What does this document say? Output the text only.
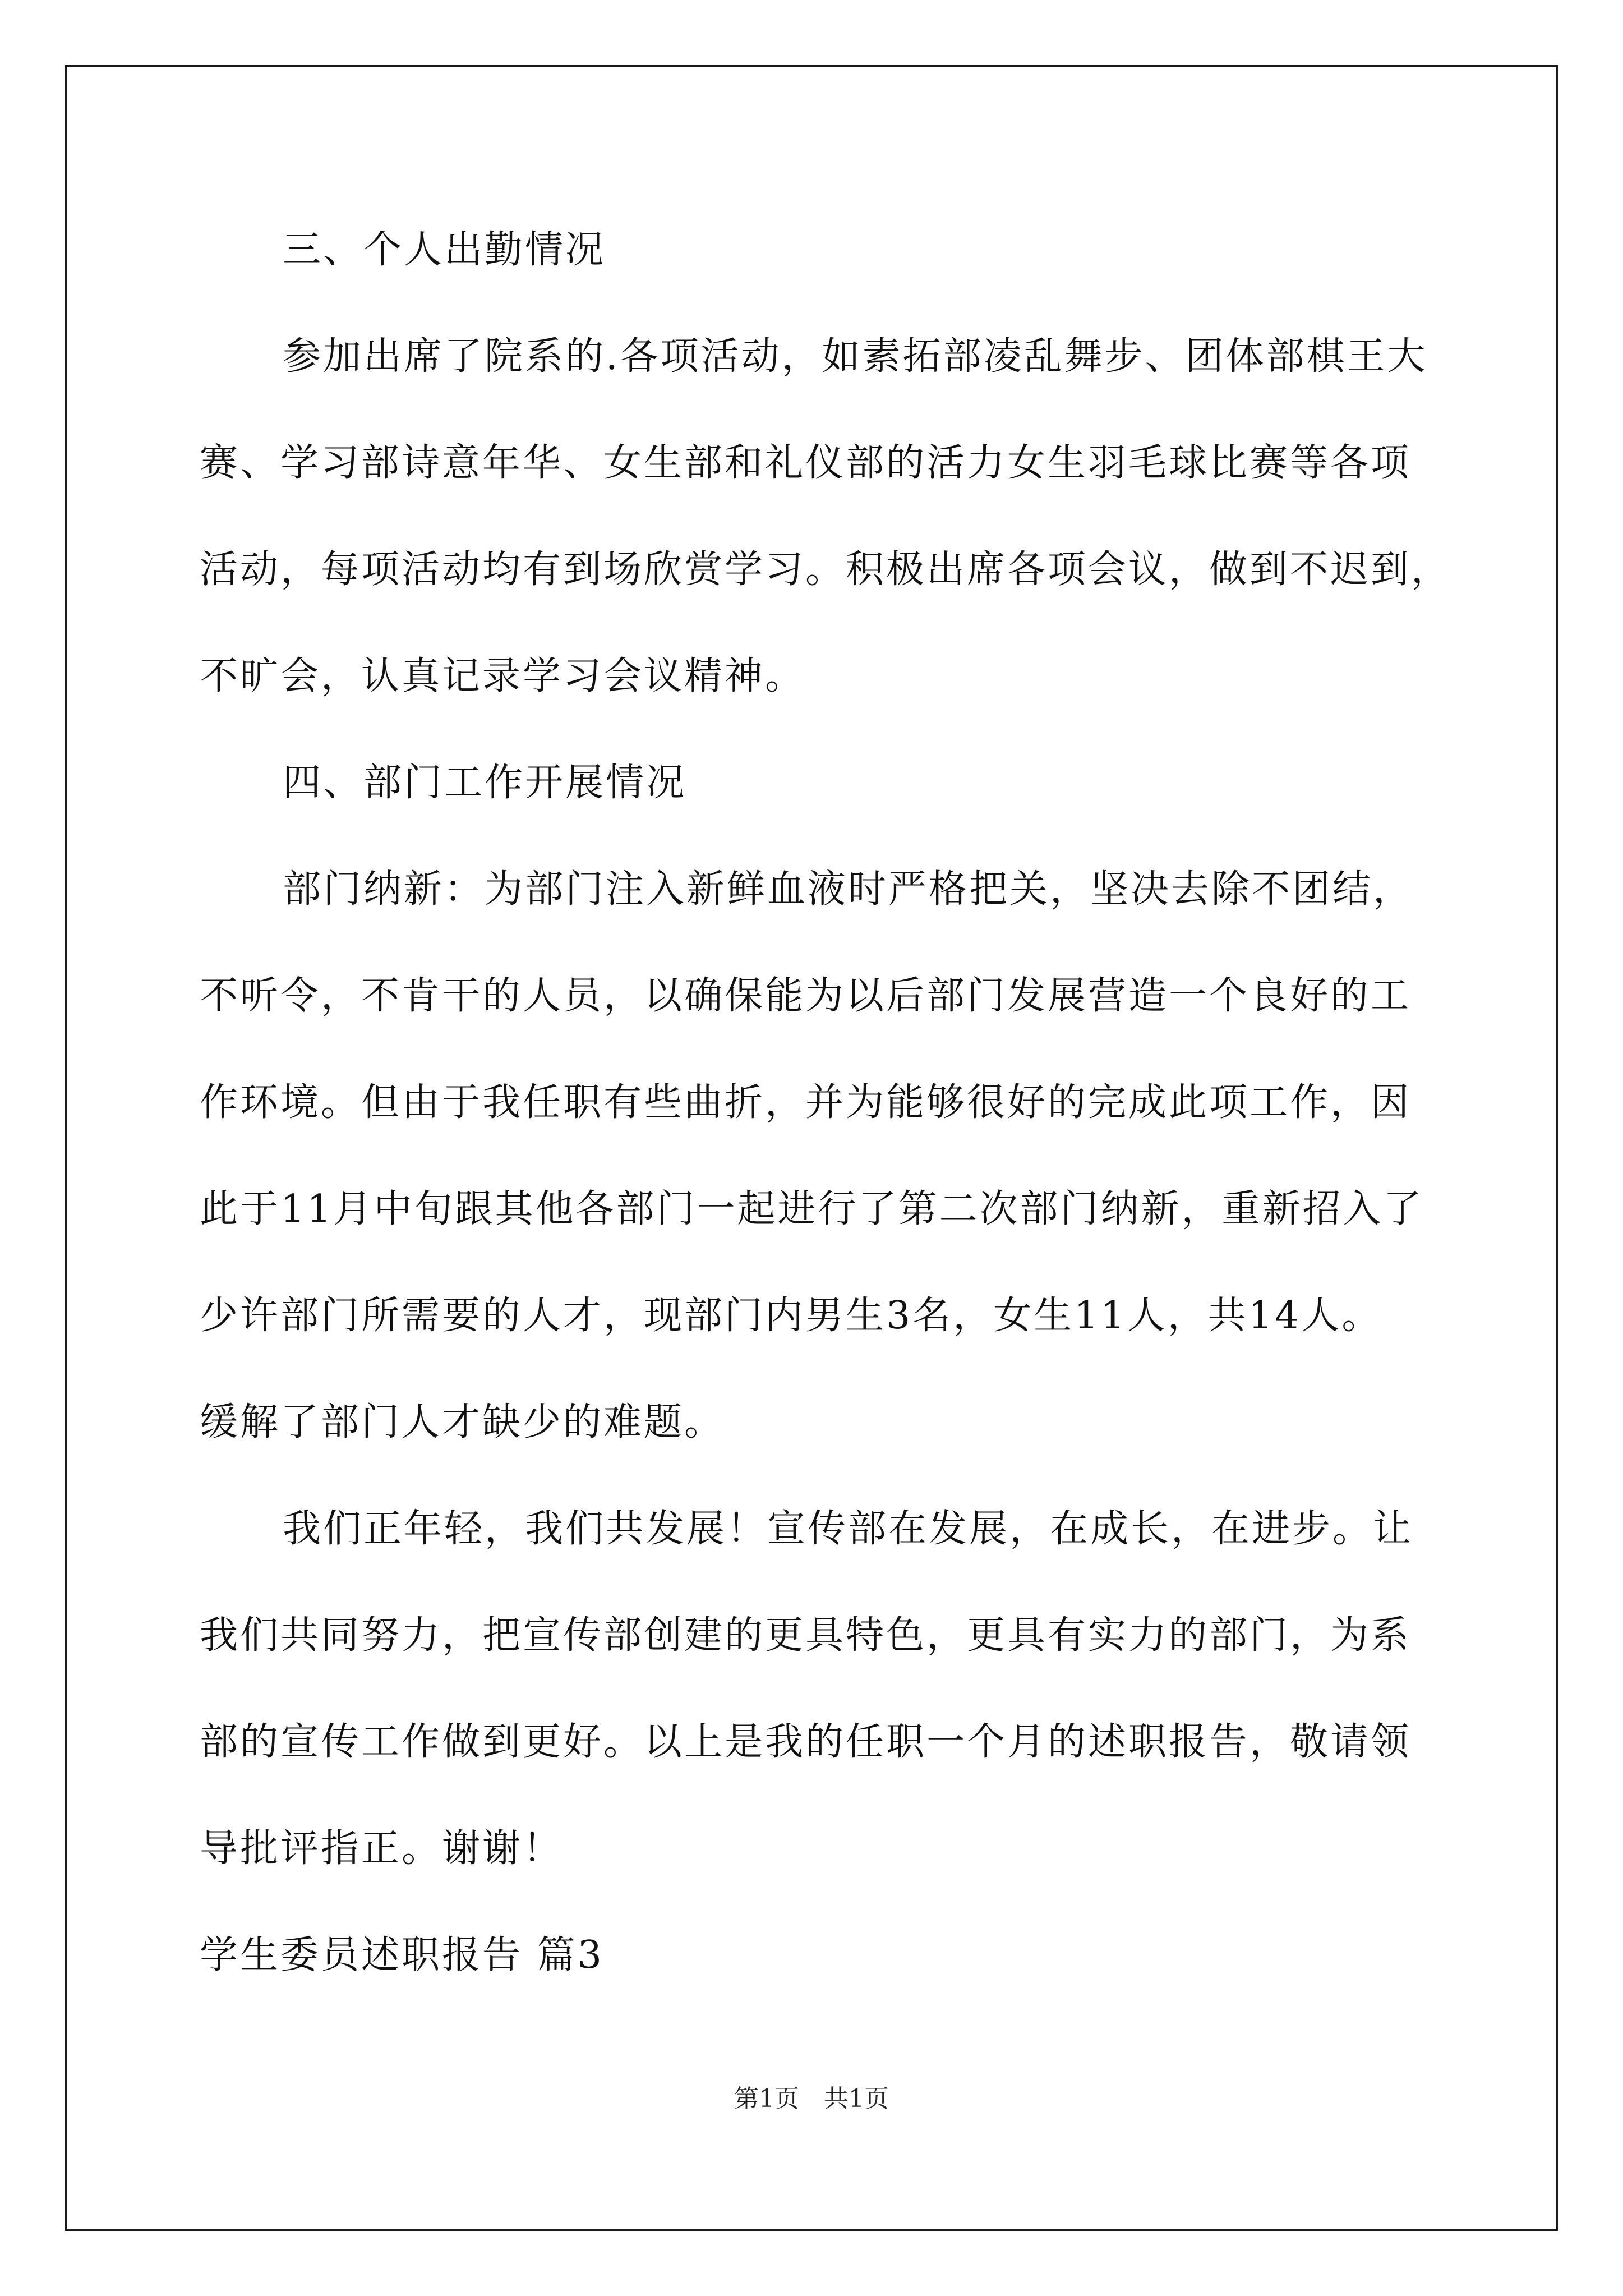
三、个人出勤情况
参加出席了院系的.各项活动，如素拓部凌乱舞步、团体部棋王大
赛、学习部诗意年华、女生部和礼仪部的活力女生羽毛球比赛等各项
活动，每项活动均有到场欣赏学习。积极出席各项会议，做到不迟到，
不旷会，认真记录学习会议精神。
四、部门工作开展情况
部门纳新：为部门注入新鲜血液时严格把关，坚决去除不团结，
不听令，不肯干的人员，以确保能为以后部门发展营造一个良好的工
作环境。但由于我任职有些曲折，并为能够很好的完成此项工作，因
此于11月中旬跟其他各部门一起进行了第二次部门纳新，重新招入了
少许部门所需要的人才，现部门内男生3名，女生11人，共14人。
缓解了部门人才缺少的难题。
我们正年轻，我们共发展！宣传部在发展，在成长，在进步。让
我们共同努力，把宣传部创建的更具特色，更具有实力的部门，为系
部的宣传工作做到更好。以上是我的任职一个月的述职报告，敬请领
导批评指正。谢谢！
学生委员述职报告 篇3
第1页　共1页
